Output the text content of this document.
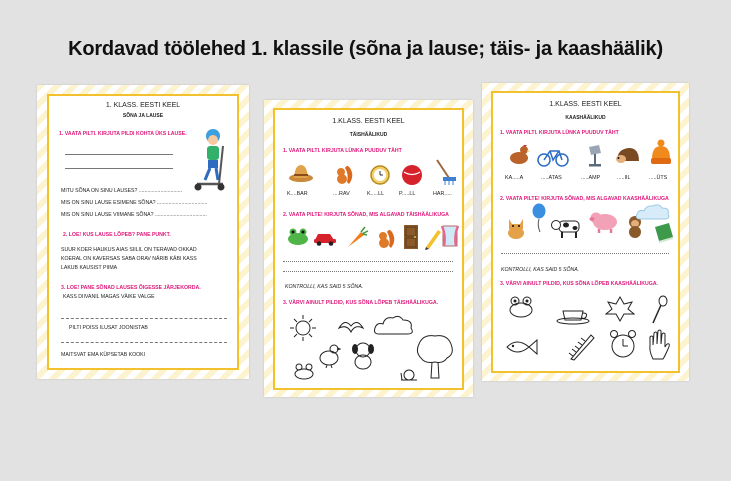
Kordavad töölehed 1. klassile (sõna ja lause; täis- ja kaashäälik)
1. KLASS. EESTI KEEL
SÕNA JA LAUSE
1. VAATA PILTI. KIRJUTA PILDI KOHTA ÜKS LAUSE.
MITU SÕNA ON SINU LAUSES? ..............................
MIS ON SINU LAUSE ESIMENE SÕNA? ...................................
MIS ON SINU LAUSE VIIMANE SÕNA? ....................................
2. LOE! KUS LAUSE LÕPEB? PANE PUNKT.
SUUR KOER HAUKUS AIAS SIILIL ON TERAVAD OKKAD
KOERAL ON KAVERSAS SABA ORAV NÄRIB KÄBI KASS
LAKUB KAUSIST PIIMA
3. LOE! PANE SÕNAD LAUSES ÕIGESSE JÄRJEKORDA.
KASS DIIVANIL MAGAS VÄIKE VALGE
PILTI POISS ILUSAT JOONISTAB
MAITSVAT EMA KÜPSETAB KOOKI
1.KLASS. EESTI KEEL
TÄISHÄÄLIKUD
1. VAATA PILTI. KIRJUTA LÜNKA PUUDUV TÄHT
K....BAR	....RAV	K.....LL	P.....LL	HAR.....
2. VAATA PILTE! KIRJUTA SÕNAD, MIS ALGAVAD TÄISHÄÄLIKUGA
KONTROLLI, KAS SAID 5 SÕNA.
3. VÄRVI AINULT PILDID, KUS SÕNA LÕPEB TÄISHÄÄLIKUGA.
1.KLASS. EESTI KEEL
KAASHÄÄLIKUD
1. VAATA PILTI. KIRJUTA LÜNKA PUUDUV TÄHT
KA.....A	.....ATAS	.....AMP	.....IIL	.....ÜTS
2. VAATA PILTE! KIRJUTA SÕNAD, MIS ALGAVAD KAASHÄÄLIKUGA
KONTROLLI, KAS SAID 5 SÕNA.
3. VÄRVI AINULT PILDID, KUS SÕNA LÕPEB KAASHÄÄLIKUGA.
